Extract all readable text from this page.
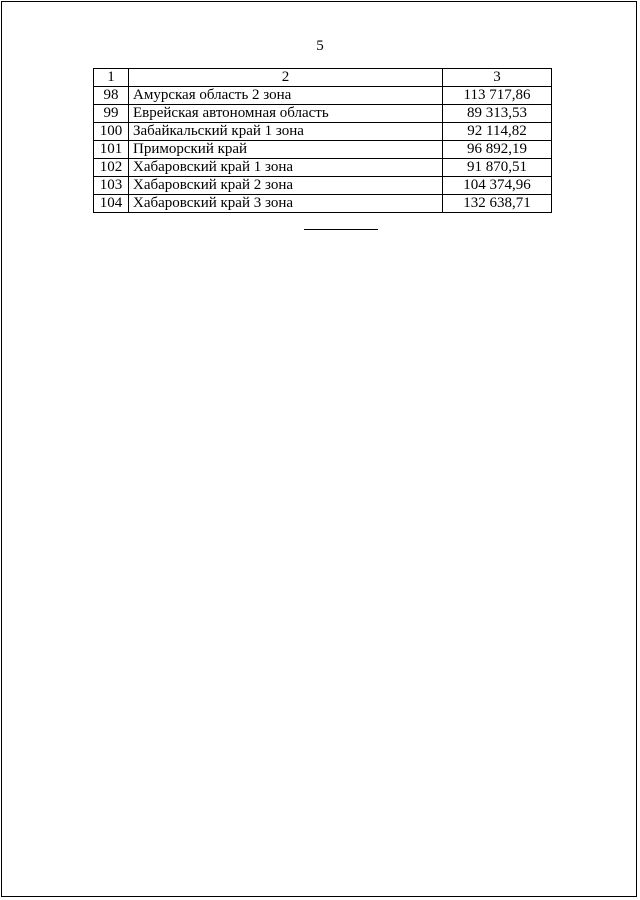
5
1	2	3
98	Амурская область 2 зона	113 717,86
99	Еврейская автономная область	89 313,53
100	Забайкальский край 1 зона	92 114,82
101	Приморский край	96 892,19
102	Хабаровский край 1 зона	91 870,51
103	Хабаровский край 2 зона	104 374,96
104	Хабаровский край 3 зона	132 638,71
